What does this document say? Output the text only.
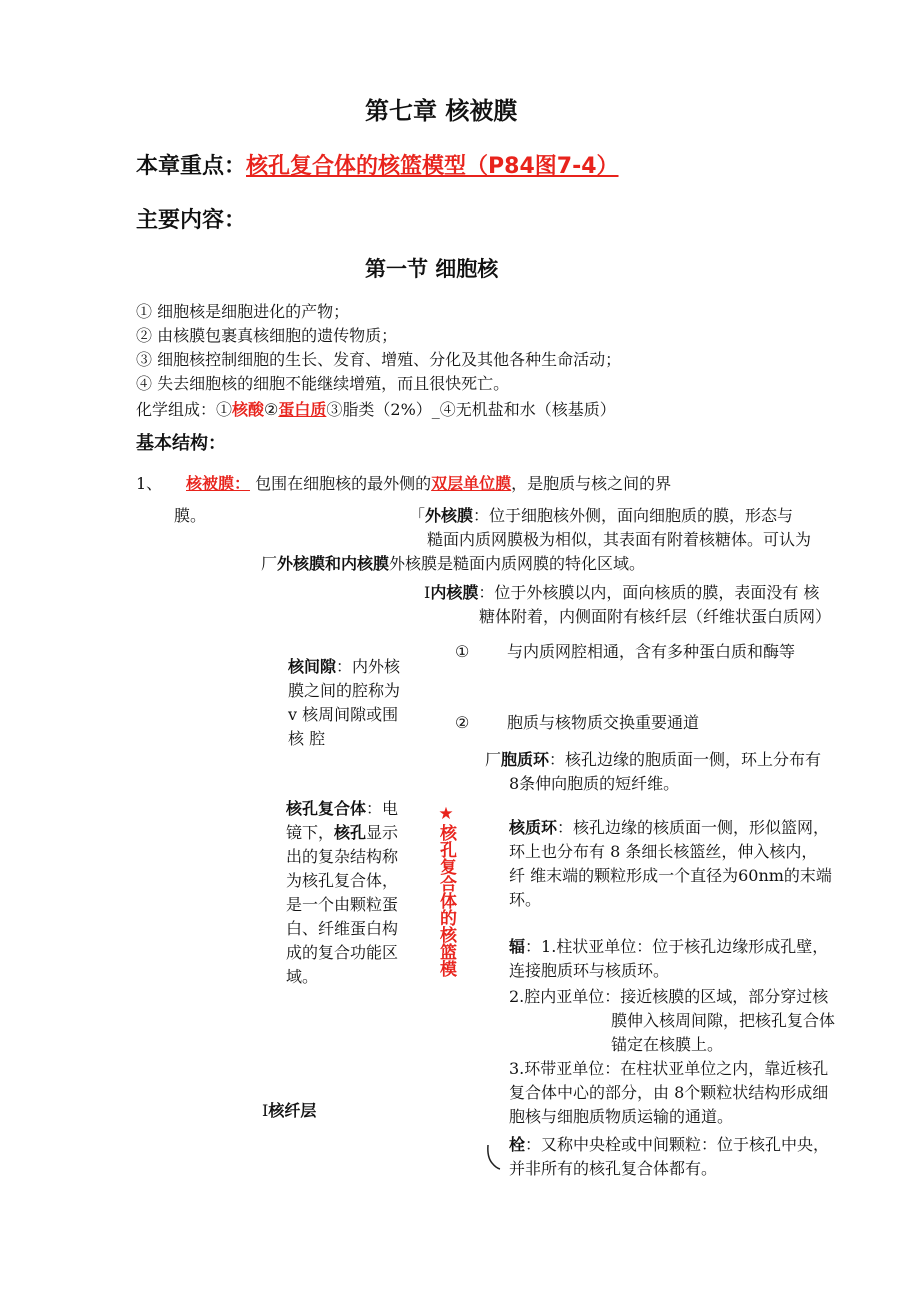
第七章 核被膜
本章重点：核孔复合体的核篮模型（P84图7-4）
主要内容：
第一节 细胞核
① 细胞核是细胞进化的产物；
② 由核膜包裹真核细胞的遗传物质；
③ 细胞核控制细胞的生长、发育、增殖、分化及其他各种生命活动；
④ 失去细胞核的细胞不能继续增殖，而且很快死亡。
化学组成：①核酸②蛋白质③脂类（2%）_④无机盐和水（核基质）
基本结构：
1、 核被膜： 包围在细胞核的最外侧的双层单位膜，是胞质与核之间的界
膜。	「外核膜：位于细胞核外侧，面向细胞质的膜，形态与
糙面内质网膜极为相似，其表面有附着核糖体。可认为
厂外核膜和内核膜外核膜是糙面内质网膜的特化区域。
I内核膜：位于外核膜以内，面向核质的膜，表面没有 核
糖体附着，内侧面附有核纤层（纤维状蛋白质网）
核间隙：内外核
膜之间的腔称为
v 核周间隙或围
核 腔
① 与内质网腔相通，含有多种蛋白质和酶等
② 胞质与核物质交换重要通道
厂胞质环：核孔边缘的胞质面一侧，环上分布有
8条伸向胞质的短纤维。
核孔复合体：电
镜下，核孔显示
出的复杂结构称
为核孔复合体，
是一个由颗粒蛋
白、纤维蛋白构
成的复合功能区
域。	★核孔复合体的核篮模	核质环：核孔边缘的核质面一侧，形似篮网，
环上也分布有 8 条细长核篮丝，伸入核内，
纤 维末端的颗粒形成一个直径为60nm的末端
环。
辐：1.柱状亚单位：位于核孔边缘形成孔壁，
连接胞质环与核质环。
2.腔内亚单位：接近核膜的区域，部分穿过核
膜伸入核周间隙，把核孔复合体
锚定在核膜上。
3.环带亚单位：在柱状亚单位之内，靠近核孔
复合体中心的部分，由 8个颗粒状结构形成细
胞核与细胞质物质运输的通道。
I核纤层
栓：又称中央栓或中间颗粒：位于核孔中央，
并非所有的核孔复合体都有。
